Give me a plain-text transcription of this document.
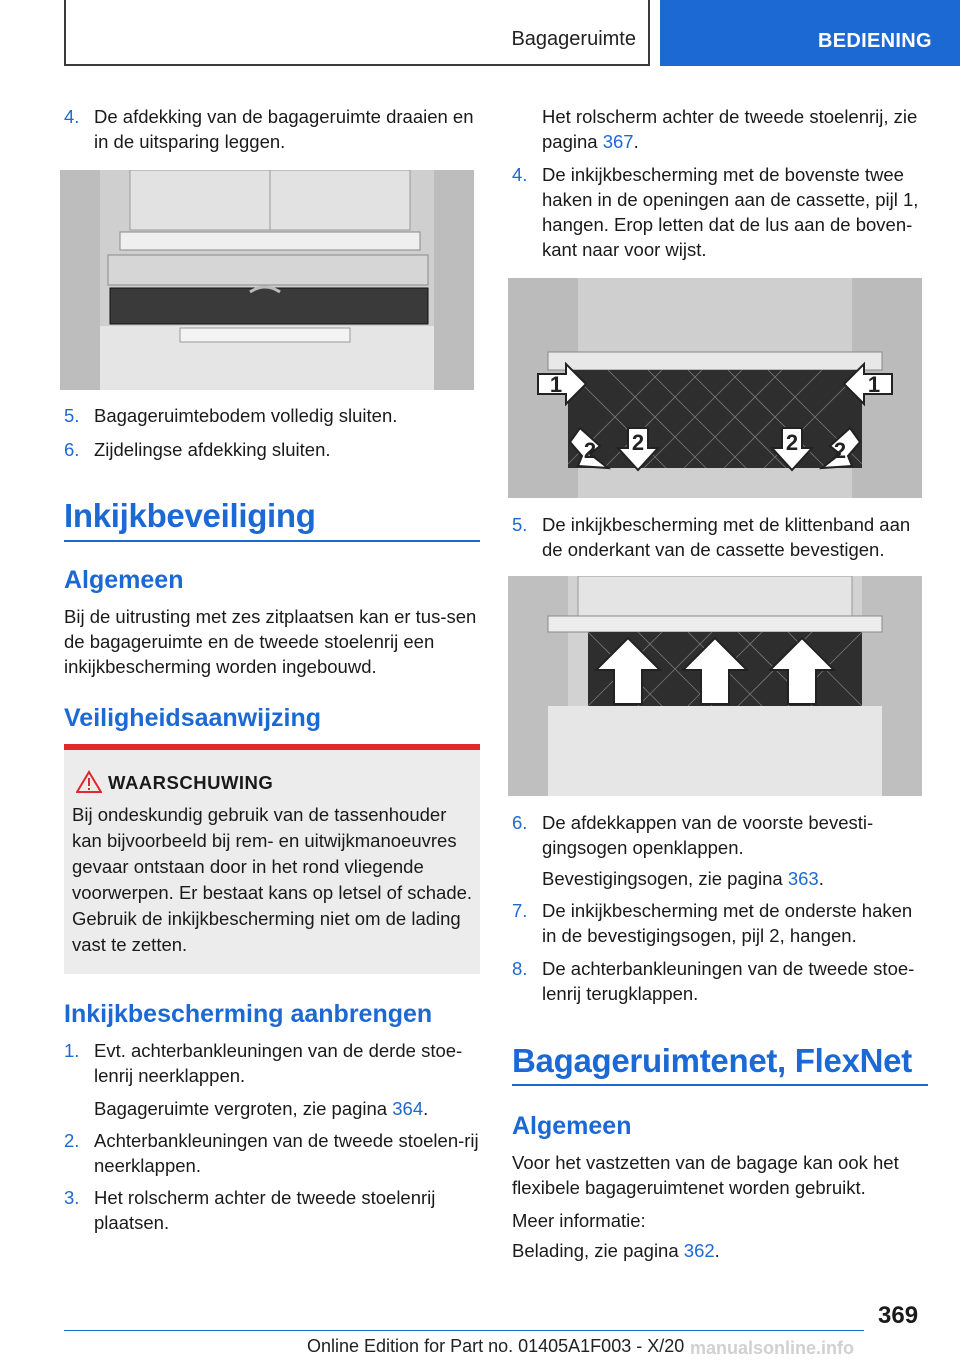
Bagageruimte	BEDIENING
4. De afdekking van de bagageruimte draaien en in de uitsparing leggen.
5. Bagageruimtebodem volledig sluiten.
6. Zijdelingse afdekking sluiten.
Inkijkbeveiliging
Algemeen
Bij de uitrusting met zes zitplaatsen kan er tus‐sen de bagageruimte en de tweede stoelenrij een inkijkbescherming worden ingebouwd.
Veiligheidsaanwijzing
WAARSCHUWING
Bij ondeskundig gebruik van de tassenhouder kan bijvoorbeeld bij rem- en uitwijkmanoeuvres gevaar ontstaan door in het rond vliegende voorwerpen. Er bestaat kans op letsel of schade. Gebruik de inkijkbescherming niet om de lading vast te zetten.
Inkijkbescherming aanbrengen
1. Evt. achterbankleuningen van de derde stoe‐lenrij neerklappen.
Bagageruimte vergroten, zie pagina 364.
2. Achterbankleuningen van de tweede stoelen‐rij neerklappen.
3. Het rolscherm achter de tweede stoelenrij plaatsen.
Het rolscherm achter de tweede stoelenrij, zie pagina 367.
4. De inkijkbescherming met de bovenste twee haken in de openingen aan de cassette, pijl 1, hangen. Erop letten dat de lus aan de boven‐kant naar voor wijst.
1	1
2	2
2	2
5. De inkijkbescherming met de klittenband aan de onderkant van de cassette bevestigen.
6. De afdekkappen van de voorste bevesti‐gingsogen openklappen.
Bevestigingsogen, zie pagina 363.
7. De inkijkbescherming met de onderste haken in de bevestigingsogen, pijl 2, hangen.
8. De achterbankleuningen van de tweede stoe‐lenrij terugklappen.
Bagageruimtenet, FlexNet
Algemeen
Voor het vastzetten van de bagage kan ook het flexibele bagageruimtenet worden gebruikt.
Meer informatie:
Belading, zie pagina 362.
369
Online Edition for Part no. 01405A1F003 - X/20 manualsonline.info
